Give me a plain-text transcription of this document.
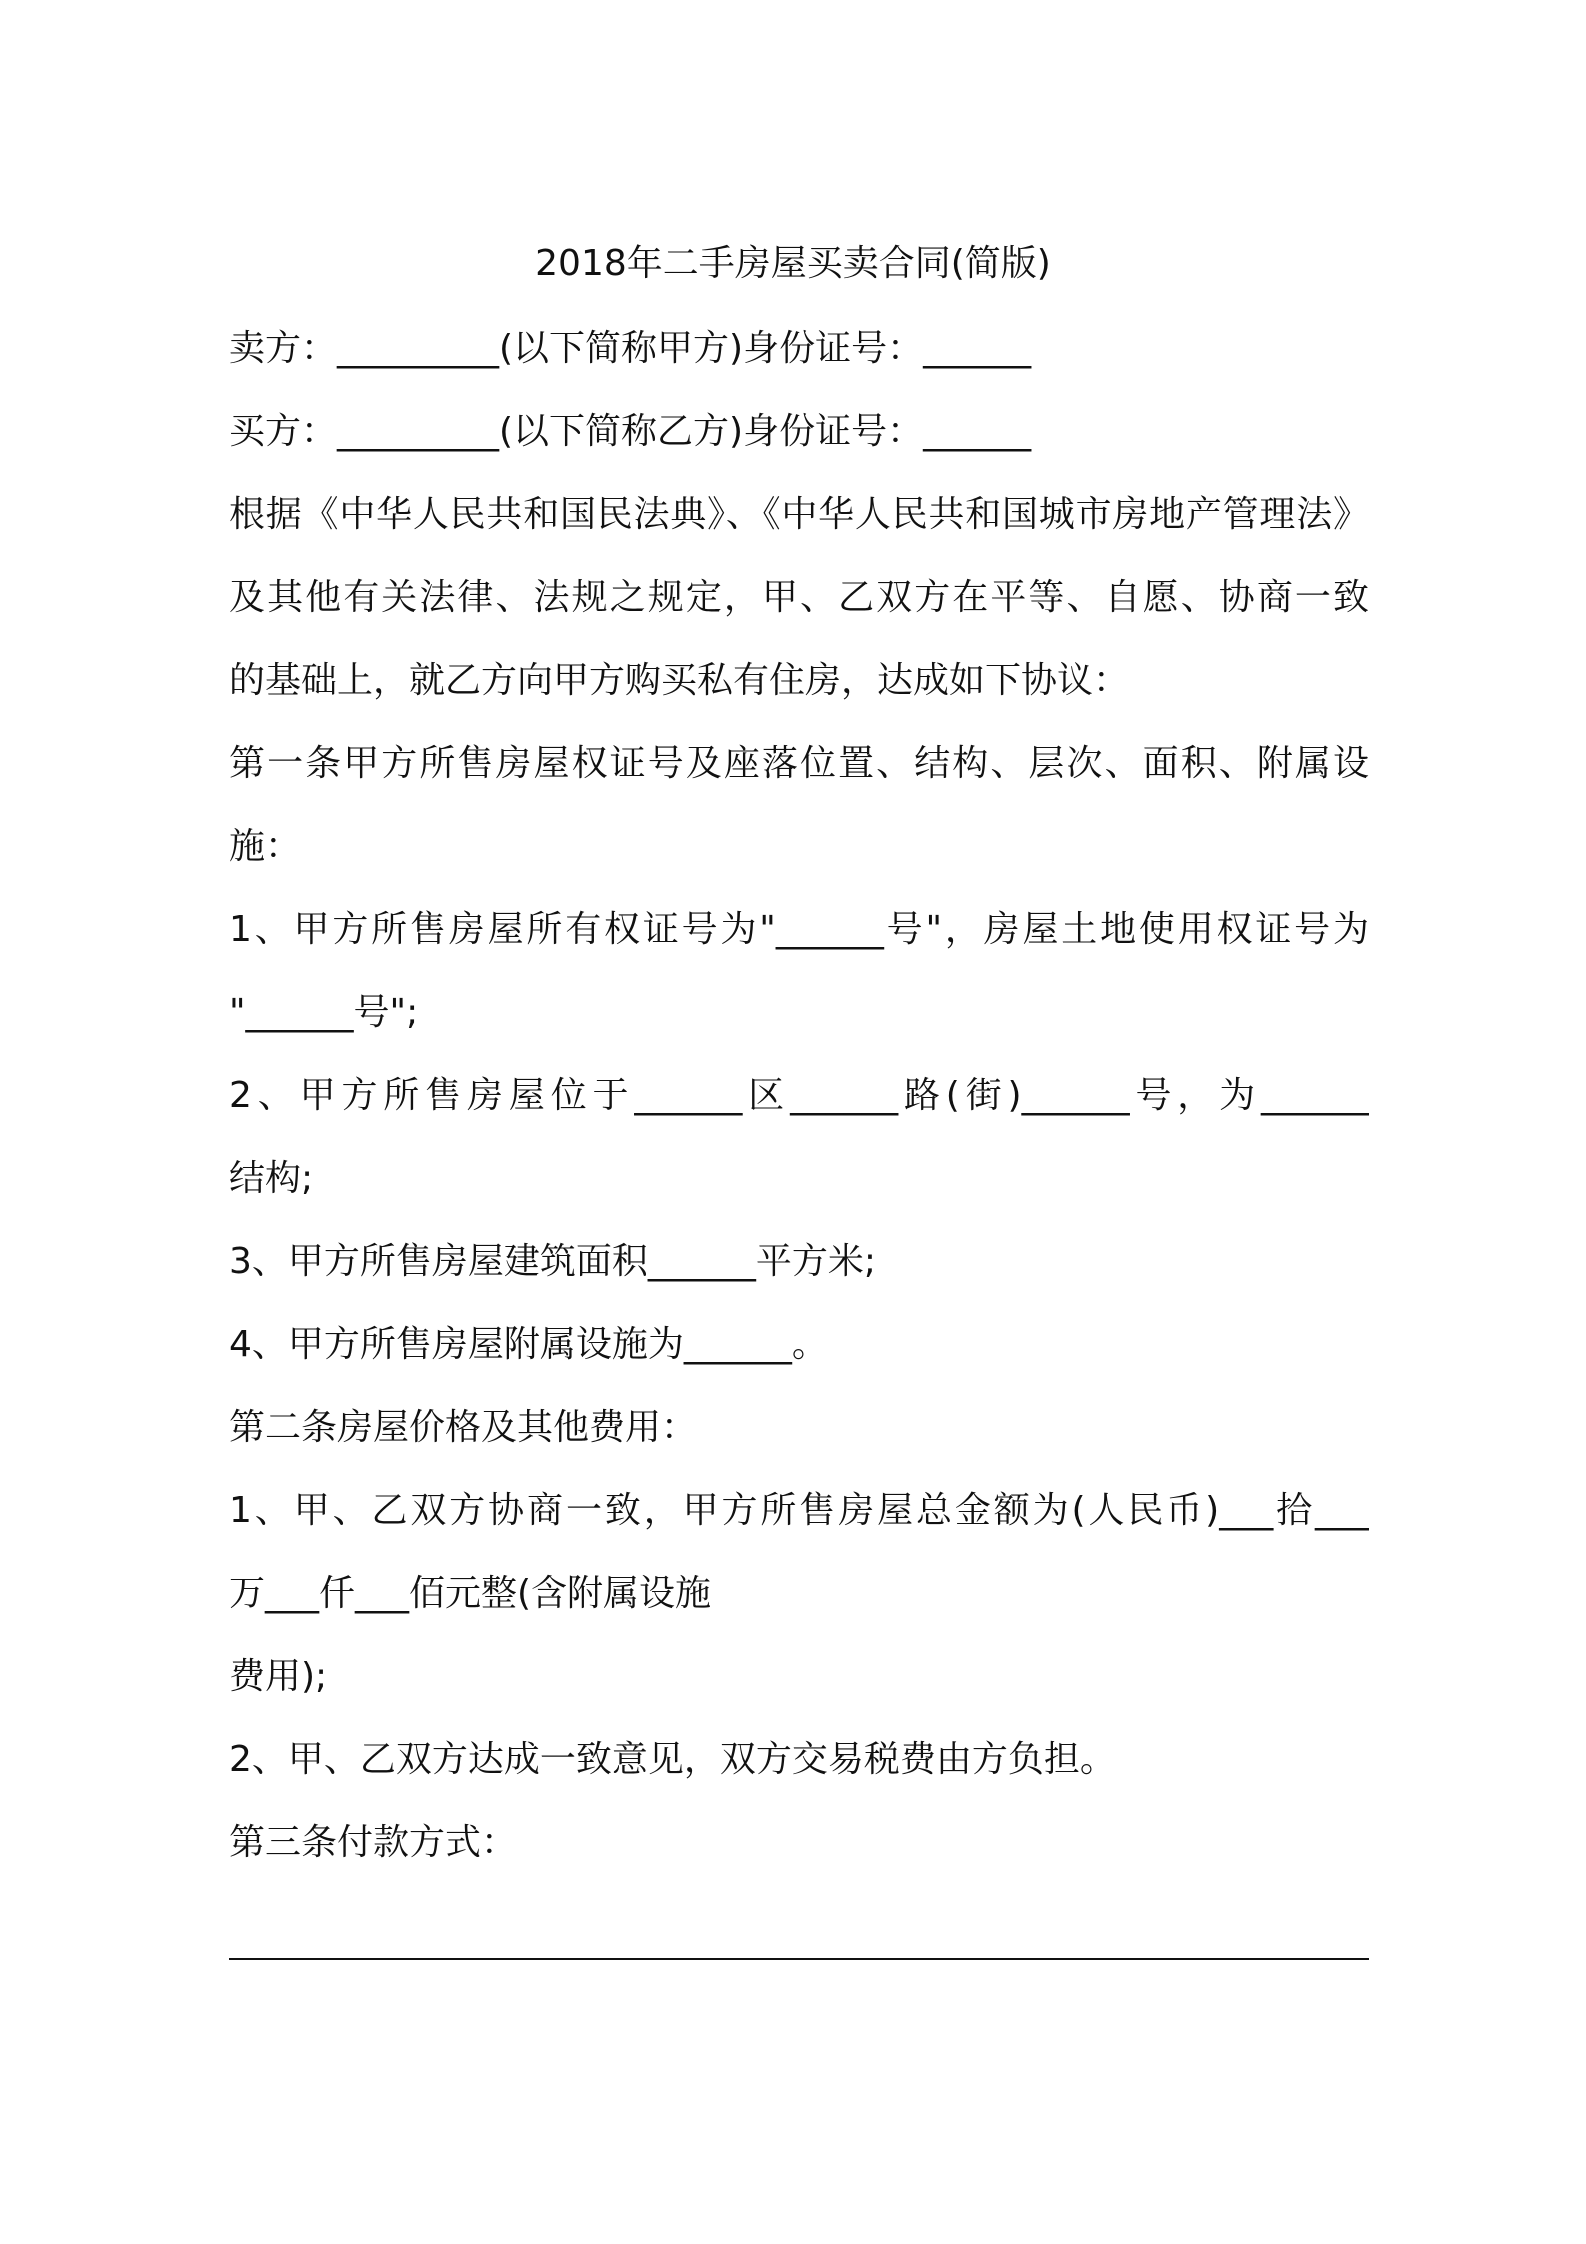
2018年二手房屋买卖合同(简版)
卖方：_________(以下简称甲方)身份证号：______
买方：_________(以下简称乙方)身份证号：______
根据《中华人民共和国民法典》、《中华人民共和国城市房地产管理法》
及其他有关法律、法规之规定，甲、乙双方在平等、自愿、协商一致
的基础上，就乙方向甲方购买私有住房，达成如下协议：
第一条甲方所售房屋权证号及座落位置、结构、层次、面积、附属设
施：
1、甲方所售房屋所有权证号为"______号"，房屋土地使用权证号为
"______号";
2、甲方所售房屋位于______区______路(街)______号，为______
结构;
3、甲方所售房屋建筑面积______平方米;
4、甲方所售房屋附属设施为______。
第二条房屋价格及其他费用：
1、甲、乙双方协商一致，甲方所售房屋总金额为(人民币)___拾___
万___仟___佰元整(含附属设施
费用);
2、甲、乙双方达成一致意见，双方交易税费由方负担。
第三条付款方式：
